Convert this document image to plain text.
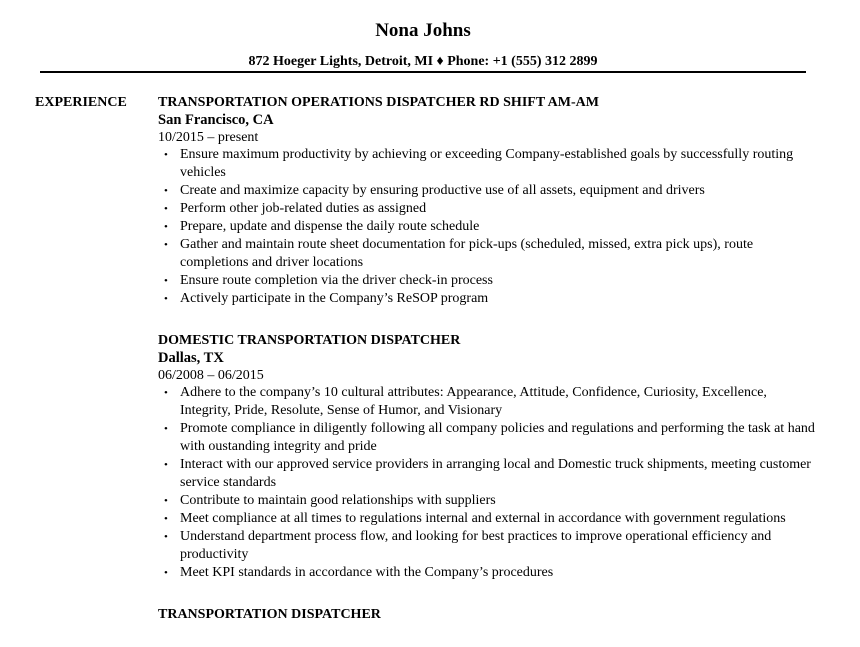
Nona Johns
872 Hoeger Lights, Detroit, MI ♦ Phone: +1 (555) 312 2899
EXPERIENCE TRANSPORTATION OPERATIONS DISPATCHER RD SHIFT AM-AM

San Francisco, CA

10/2015 – present

• Ensure maximum productivity by achieving or exceeding Company-established goals by successfully routing vehicles
• Create and maximize capacity by ensuring productive use of all assets, equipment and drivers
• Perform other job-related duties as assigned
• Prepare, update and dispense the daily route schedule
• Gather and maintain route sheet documentation for pick-ups (scheduled, missed, extra pick ups), route completions and driver locations
• Ensure route completion via the driver check-in process
• Actively participate in the Company’s ReSOP program

DOMESTIC TRANSPORTATION DISPATCHER

Dallas, TX

06/2008 – 06/2015

• Adhere to the company’s 10 cultural attributes: Appearance, Attitude, Confidence, Curiosity, Excellence, Integrity, Pride, Resolute, Sense of Humor, and Visionary
• Promote compliance in diligently following all company policies and regulations and performing the task at hand with oustanding integrity and pride
• Interact with our approved service providers in arranging local and Domestic truck shipments, meeting customer service standards
• Contribute to maintain good relationships with suppliers
• Meet compliance at all times to regulations internal and external in accordance with government regulations
• Understand department process flow, and looking for best practices to improve operational efficiency and productivity
• Meet KPI standards in accordance with the Company’s procedures

TRANSPORTATION DISPATCHER
